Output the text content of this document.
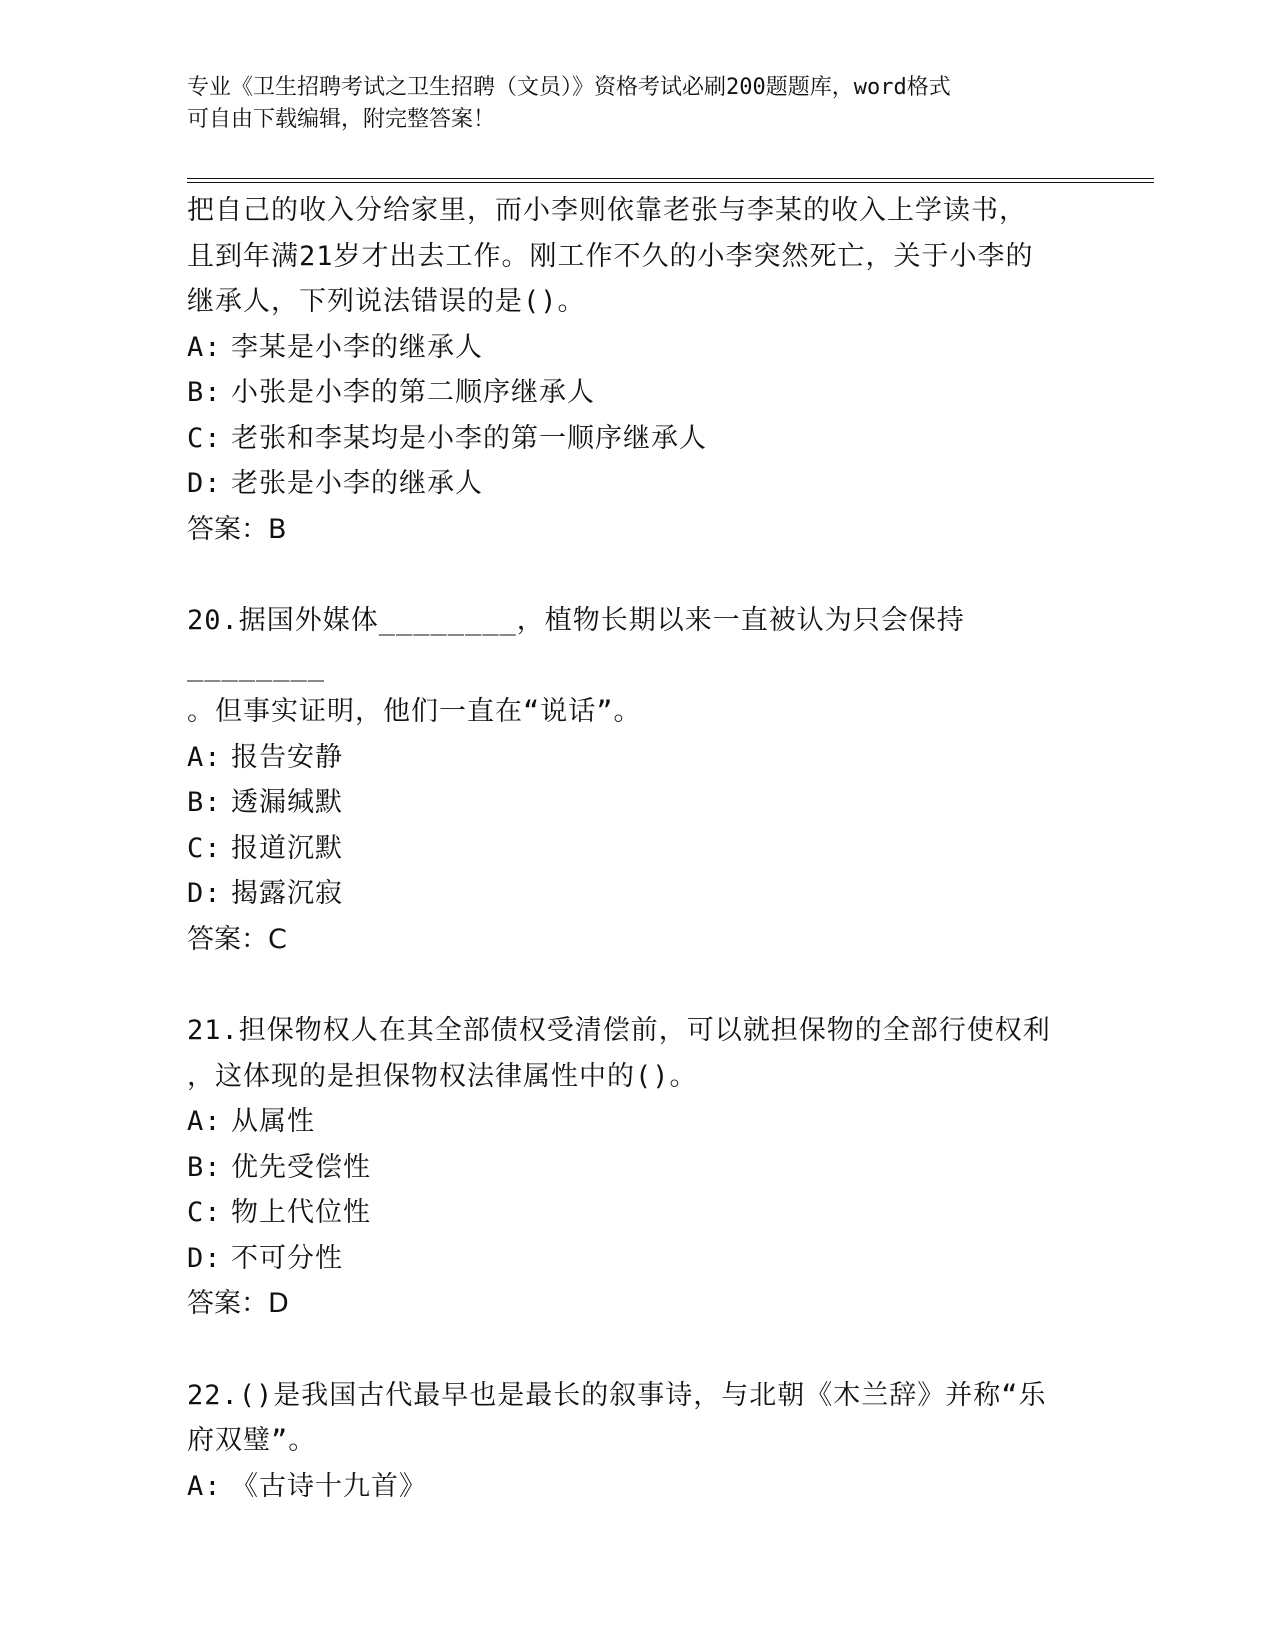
专业《卫生招聘考试之卫生招聘（文员）》资格考试必刷200题题库，word格式
可自由下载编辑，附完整答案！

把自己的收入分给家里，而小李则依靠老张与李某的收入上学读书，

且到年满21岁才出去工作。刚工作不久的小李突然死亡，关于小李的

继承人，下列说法错误的是()。

A: 李某是小李的继承人

B: 小张是小李的第二顺序继承人

C: 老张和李某均是小李的第一顺序继承人

D: 老张是小李的继承人

答案：B

20.据国外媒体________，植物长期以来一直被认为只会保持________

。但事实证明，他们一直在“说话”。

A: 报告安静

B: 透漏缄默

C: 报道沉默

D: 揭露沉寂

答案：C

21.担保物权人在其全部债权受清偿前，可以就担保物的全部行使权利

，这体现的是担保物权法律属性中的()。

A: 从属性

B: 优先受偿性

C: 物上代位性

D: 不可分性

答案：D

22.()是我国古代最早也是最长的叙事诗，与北朝《木兰辞》并称“乐

府双璧”。

A: 《古诗十九首》
